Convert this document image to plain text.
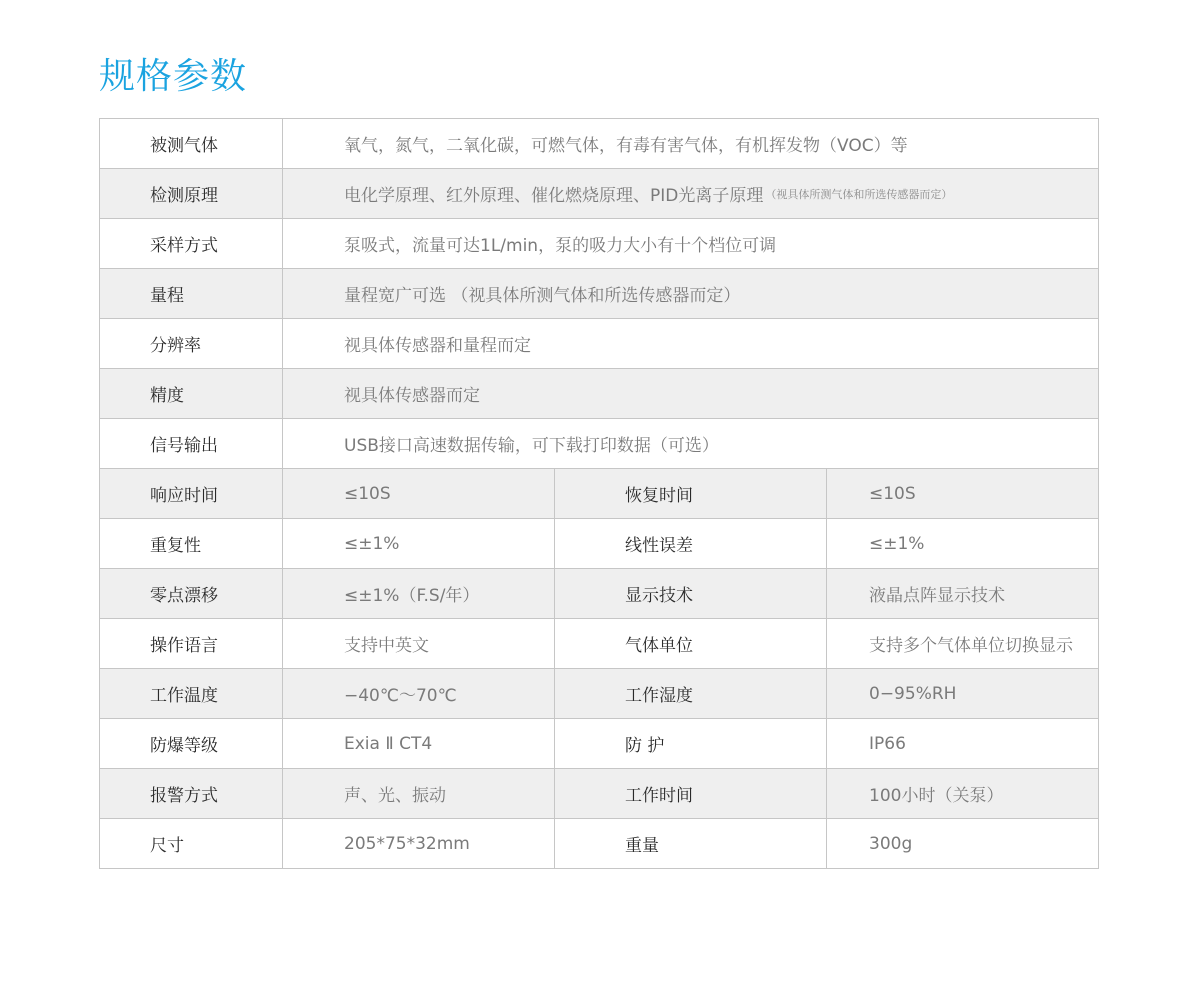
规格参数
被测气体	氧气，氮气，二氧化碳，可燃气体，有毒有害气体，有机挥发物（VOC）等
检测原理	电化学原理、红外原理、催化燃烧原理、PID光离子原理 （视具体所测气体和所选传感器而定）
采样方式	泵吸式，流量可达1L/min，泵的吸力大小有十个档位可调
量程	量程宽广可选 （视具体所测气体和所选传感器而定）
分辨率	视具体传感器和量程而定
精度	视具体传感器而定
信号输出	USB接口高速数据传输，可下载打印数据（可选）
响应时间	≤10S	恢复时间	≤10S
重复性	≤±1%	线性误差	≤±1%
零点漂移	≤±1%（F.S/年）	显示技术	液晶点阵显示技术
操作语言	支持中英文	气体单位	支持多个气体单位切换显示
工作温度	−40℃～70℃	工作湿度	0−95%RH
防爆等级	Exia Ⅱ CT4	防 护	IP66
报警方式	声、光、振动	工作时间	100小时（关泵）
尺寸	205*75*32mm	重量	300g
